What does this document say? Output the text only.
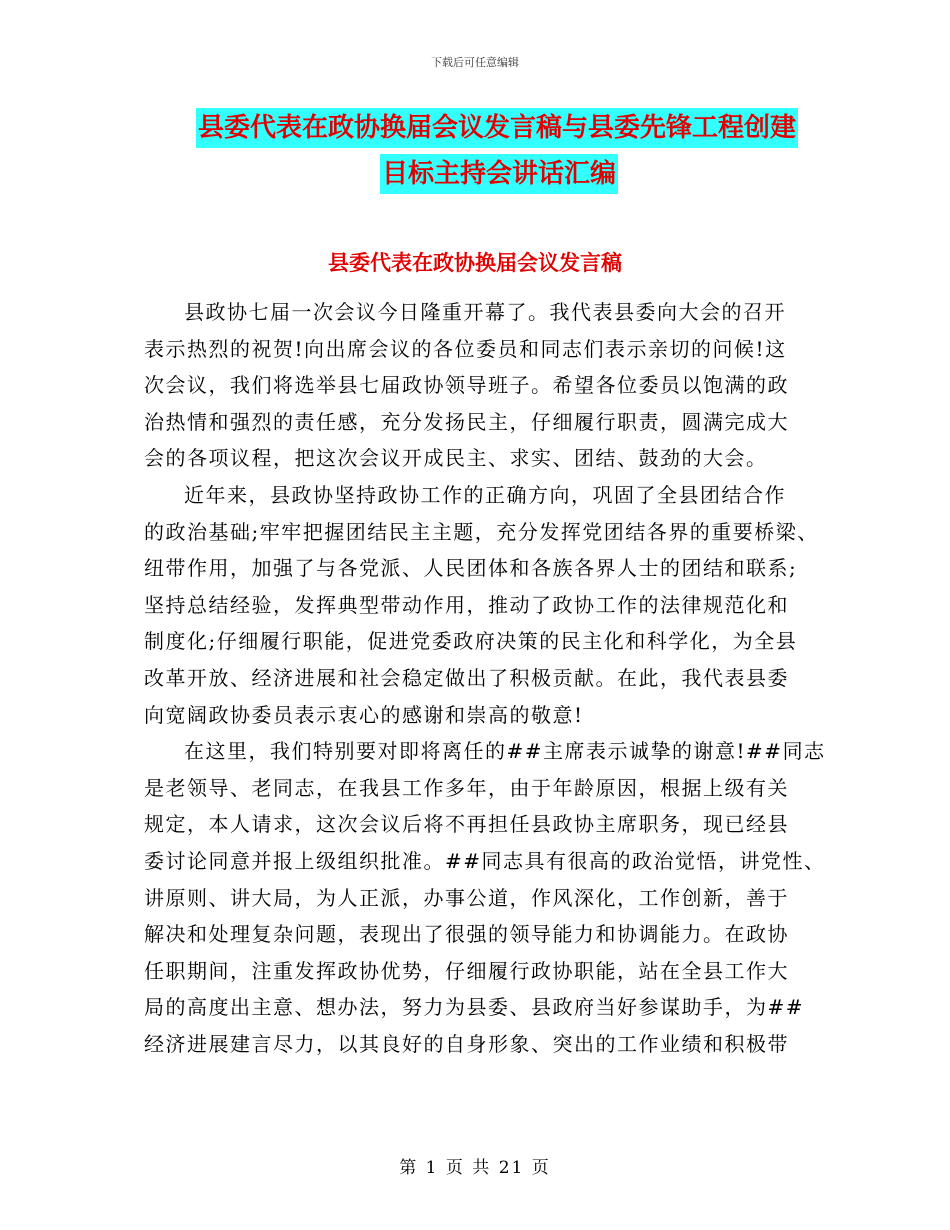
下载后可任意编辑
县委代表在政协换届会议发言稿与县委先锋工程创建
目标主持会讲话汇编
县委代表在政协换届会议发言稿
县政协七届一次会议今日隆重开幕了。我代表县委向大会的召开
表示热烈的祝贺!向出席会议的各位委员和同志们表示亲切的问候!这
次会议，我们将选举县七届政协领导班子。希望各位委员以饱满的政
治热情和强烈的责任感，充分发扬民主，仔细履行职责，圆满完成大
会的各项议程，把这次会议开成民主、求实、团结、鼓劲的大会。
近年来，县政协坚持政协工作的正确方向，巩固了全县团结合作
的政治基础;牢牢把握团结民主主题，充分发挥党团结各界的重要桥梁、
纽带作用，加强了与各党派、人民团体和各族各界人士的团结和联系;
坚持总结经验，发挥典型带动作用，推动了政协工作的法律规范化和
制度化;仔细履行职能，促进党委政府决策的民主化和科学化，为全县
改革开放、经济进展和社会稳定做出了积极贡献。在此，我代表县委
向宽阔政协委员表示衷心的感谢和崇高的敬意!
在这里，我们特别要对即将离任的##主席表示诚挚的谢意!##同志
是老领导、老同志，在我县工作多年，由于年龄原因，根据上级有关
规定，本人请求，这次会议后将不再担任县政协主席职务，现已经县
委讨论同意并报上级组织批准。##同志具有很高的政治觉悟，讲党性、
讲原则、讲大局，为人正派，办事公道，作风深化，工作创新，善于
解决和处理复杂问题，表现出了很强的领导能力和协调能力。在政协
任职期间，注重发挥政协优势，仔细履行政协职能，站在全县工作大
局的高度出主意、想办法，努力为县委、县政府当好参谋助手，为##
经济进展建言尽力，以其良好的自身形象、突出的工作业绩和积极带
第 1 页 共 21 页
